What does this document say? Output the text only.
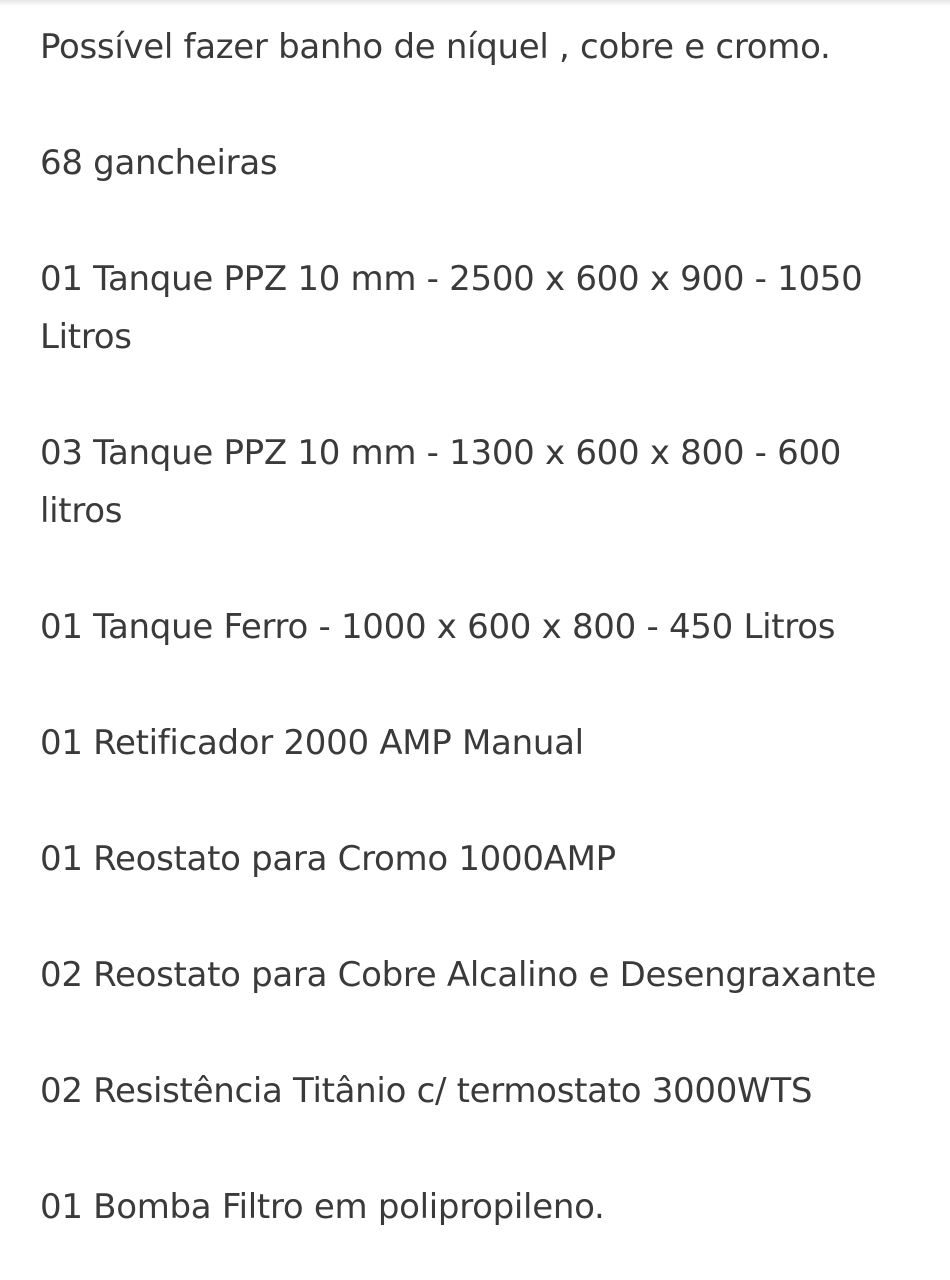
Possível fazer banho de níquel , cobre e cromo.

68 gancheiras

01 Tanque PPZ 10 mm - 2500 x 600 x 900 - 1050 Litros

03 Tanque PPZ 10 mm - 1300 x 600 x 800 - 600 litros

01 Tanque Ferro - 1000 x 600 x 800 - 450 Litros

01 Retificador 2000 AMP Manual

01 Reostato para Cromo 1000AMP

02 Reostato para Cobre Alcalino e Desengraxante

02 Resistência Titânio c/ termostato 3000WTS

01 Bomba Filtro em polipropileno.
